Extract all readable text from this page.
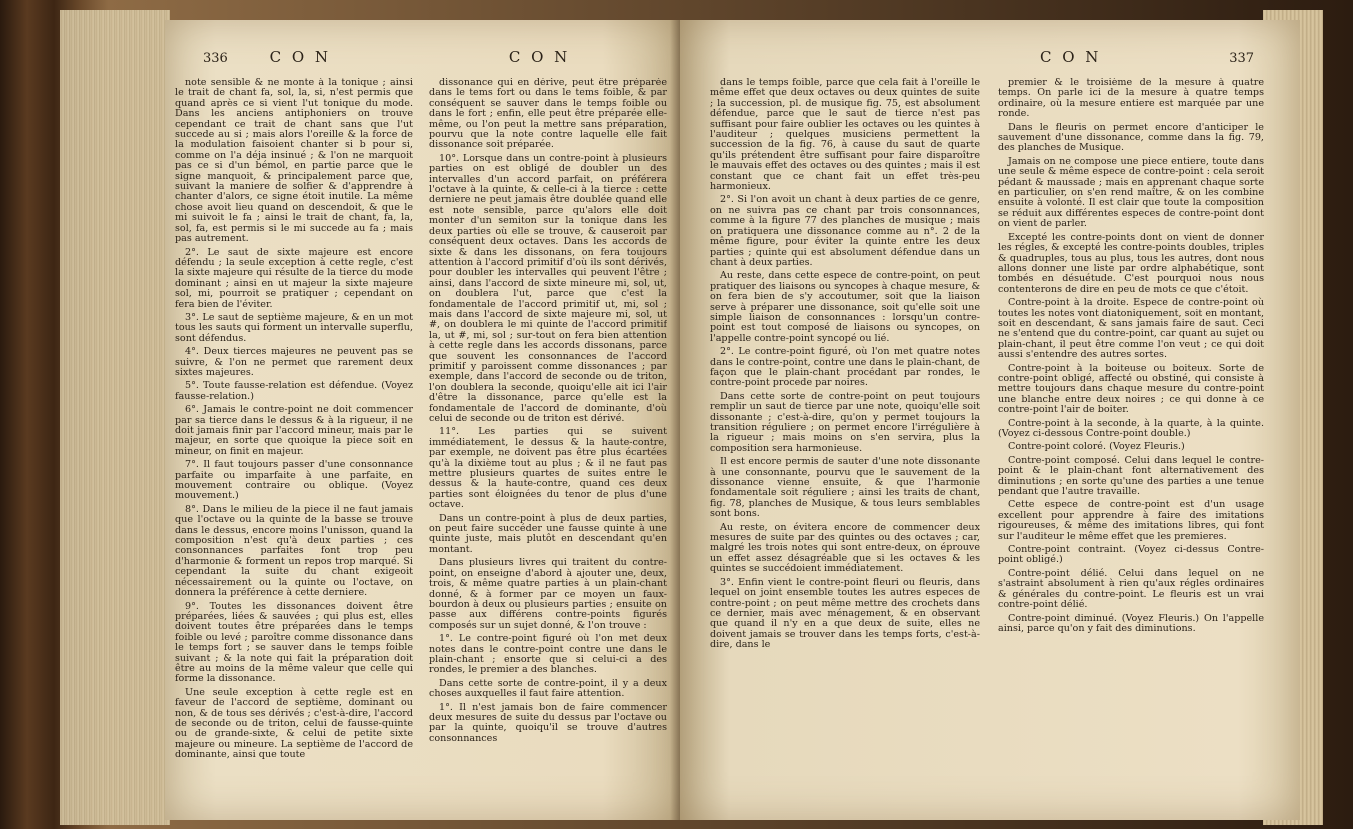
336	C O N	C O N

note sensible & ne monte à la tonique ; ainsi le trait de chant fa, sol, la, si, n'est permis que quand après ce si vient l'ut tonique du mode. Dans les anciens antiphoniers on trouve cependant ce trait de chant sans que l'ut succede au si ; mais alors l'oreille & la force de la modulation faisoient chanter si b pour si, comme on l'a déja insinué ; & l'on ne marquoit pas ce si d'un bémol, en partie parce que le signe manquoit, & principalement parce que, suivant la maniere de solfier & d'apprendre à chanter d'alors, ce signe étoit inutile. La même chose avoit lieu quand on descendoit, & que le mi suivoit le fa ; ainsi le trait de chant, fa, la, sol, fa, est permis si le mi succede au fa ; mais pas autrement.

2°. Le saut de sixte majeure est encore défendu ; la seule exception à cette regle, c'est la sixte majeure qui résulte de la tierce du mode dominant ; ainsi en ut majeur la sixte majeure sol, mi, pourroit se pratiquer ; cependant on fera bien de l'éviter.

3°. Le saut de septième majeure, & en un mot tous les sauts qui forment un intervalle superflu, sont défendus.

4°. Deux tierces majeures ne peuvent pas se suivre, & l'on ne permet que rarement deux sixtes majeures.

5°. Toute fausse-relation est défendue. (Voyez fausse-relation.)

6°. Jamais le contre-point ne doit commencer par sa tierce dans le dessus & à la rigueur, il ne doit jamais finir par l'accord mineur, mais par le majeur, en sorte que quoique la piece soit en mineur, on finit en majeur.

7°. Il faut toujours passer d'une consonnance parfaite ou imparfaite à une parfaite, en mouvement contraire ou oblique. (Voyez mouvement.)

8°. Dans le milieu de la piece il ne faut jamais que l'octave ou la quinte de la basse se trouve dans le dessus, encore moins l'unisson, quand la composition n'est qu'à deux parties ; ces consonnances parfaites font trop peu d'harmonie & forment un repos trop marqué. Si cependant la suite du chant exigeoit nécessairement ou la quinte ou l'octave, on donnera la préférence à cette derniere.

9°. Toutes les dissonances doivent être préparées, liées & sauvées ; qui plus est, elles doivent toutes être préparées dans le temps foible ou levé ; paroître comme dissonance dans le temps fort ; se sauver dans le temps foible suivant ; & la note qui fait la préparation doit être au moins de la même valeur que celle qui forme la dissonance.

Une seule exception à cette regle est en faveur de l'accord de septième, dominant ou non, & de tous ses dérivés ; c'est-à-dire, l'accord de seconde ou de triton, celui de fausse-quinte ou de grande-sixte, & celui de petite sixte majeure ou mineure. La septième de l'accord de dominante, ainsi que toute

dissonance qui en dérive, peut être préparée dans le tems fort ou dans le tems foible, & par conséquent se sauver dans le temps foible ou dans le fort ; enfin, elle peut être préparée elle-même, ou l'on peut la mettre sans préparation, pourvu que la note contre laquelle elle fait dissonance soit préparée.

10°. Lorsque dans un contre-point à plusieurs parties on est obligé de doubler un des intervalles d'un accord parfait, on préférera l'octave à la quinte, & celle-ci à la tierce : cette derniere ne peut jamais être doublée quand elle est note sensible, parce qu'alors elle doit monter d'un semiton sur la tonique dans les deux parties où elle se trouve, & causeroit par conséquent deux octaves. Dans les accords de sixte & dans les dissonans, on fera toujours attention à l'accord primitif d'où ils sont dérivés, pour doubler les intervalles qui peuvent l'être ; ainsi, dans l'accord de sixte mineure mi, sol, ut, on doublera l'ut, parce que c'est la fondamentale de l'accord primitif ut, mi, sol ; mais dans l'accord de sixte majeure mi, sol, ut #, on doublera le mi quinte de l'accord primitif la, ut #, mi, sol ; sur-tout on fera bien attention à cette regle dans les accords dissonans, parce que souvent les consonnances de l'accord primitif y paroissent comme dissonances ; par exemple, dans l'accord de seconde ou de triton, l'on doublera la seconde, quoiqu'elle ait ici l'air d'être la dissonance, parce qu'elle est la fondamentale de l'accord de dominante, d'où celui de seconde ou de triton est dérivé.

11°. Les parties qui se suivent immédiatement, le dessus & la haute-contre, par exemple, ne doivent pas être plus écartées qu'à la dixième tout au plus ; & il ne faut pas mettre plusieurs quartes de suites entre le dessus & la haute-contre, quand ces deux parties sont éloignées du tenor de plus d'une octave.

Dans un contre-point à plus de deux parties, on peut faire succéder une fausse quinte à une quinte juste, mais plutôt en descendant qu'en montant.

Dans plusieurs livres qui traitent du contre-point, on enseigne d'abord à ajouter une, deux, trois, & même quatre parties à un plain-chant donné, & à former par ce moyen un faux-bourdon à deux ou plusieurs parties ; ensuite on passe aux différens contre-points figurés composés sur un sujet donné, & l'on trouve :

1°. Le contre-point figuré où l'on met deux notes dans le contre-point contre une dans le plain-chant ; ensorte que si celui-ci a des rondes, le premier a des blanches.

Dans cette sorte de contre-point, il y a deux choses auxquelles il faut faire attention.

1°. Il n'est jamais bon de faire commencer deux mesures de suite du dessus par l'octave ou par la quinte, quoiqu'il se trouve d'autres consonnances

C O N	337

dans le temps foible, parce que cela fait à l'oreille le même effet que deux octaves ou deux quintes de suite ; la succession, pl. de musique fig. 75, est absolument défendue, parce que le saut de tierce n'est pas suffisant pour faire oublier les octaves ou les quintes à l'auditeur ; quelques musiciens permettent la succession de la fig. 76, à cause du saut de quarte qu'ils prétendent être suffisant pour faire disparoître le mauvais effet des octaves ou des quintes ; mais il est constant que ce chant fait un effet très-peu harmonieux.

2°. Si l'on avoit un chant à deux parties de ce genre, on ne suivra pas ce chant par trois consonnances, comme à la figure 77 des planches de musique ; mais on pratiquera une dissonance comme au n°. 2 de la même figure, pour éviter la quinte entre les deux parties ; quinte qui est absolument défendue dans un chant à deux parties.

Au reste, dans cette espece de contre-point, on peut pratiquer des liaisons ou syncopes à chaque mesure, & on fera bien de s'y accoutumer, soit que la liaison serve à préparer une dissonance, soit qu'elle soit une simple liaison de consonnances : lorsqu'un contre-point est tout composé de liaisons ou syncopes, on l'appelle contre-point syncopé ou lié.

2°. Le contre-point figuré, où l'on met quatre notes dans le contre-point, contre une dans le plain-chant, de façon que le plain-chant procédant par rondes, le contre-point procede par noires.

Dans cette sorte de contre-point on peut toujours remplir un saut de tierce par une note, quoiqu'elle soit dissonante ; c'est-à-dire, qu'on y permet toujours la transition réguliere ; on permet encore l'irrégulière à la rigueur ; mais moins on s'en servira, plus la composition sera harmonieuse.

Il est encore permis de sauter d'une note dissonante à une consonnante, pourvu que le sauvement de la dissonance vienne ensuite, & que l'harmonie fondamentale soit réguliere ; ainsi les traits de chant, fig. 78, planches de Musique, & tous leurs semblables sont bons.

Au reste, on évitera encore de commencer deux mesures de suite par des quintes ou des octaves ; car, malgré les trois notes qui sont entre-deux, on éprouve un effet assez désagréable que si les octaves & les quintes se succédoient immédiatement.

3°. Enfin vient le contre-point fleuri ou fleuris, dans lequel on joint ensemble toutes les autres especes de contre-point ; on peut même mettre des crochets dans ce dernier, mais avec ménagement, & en observant que quand il n'y en a que deux de suite, elles ne doivent jamais se trouver dans les temps forts, c'est-à-dire, dans le

premier & le troisième de la mesure à quatre temps. On parle ici de la mesure à quatre temps ordinaire, où la mesure entiere est marquée par une ronde.

Dans le fleuris on permet encore d'anticiper le sauvement d'une dissonance, comme dans la fig. 79, des planches de Musique.

Jamais on ne compose une piece entiere, toute dans une seule & même espece de contre-point : cela seroit pédant & maussade ; mais en apprenant chaque sorte en particulier, on s'en rend maître, & on les combine ensuite à volonté. Il est clair que toute la composition se réduit aux différentes especes de contre-point dont on vient de parler.

Excepté les contre-points dont on vient de donner les régles, & excepté les contre-points doubles, triples & quadruples, tous au plus, tous les autres, dont nous allons donner une liste par ordre alphabétique, sont tombés en désuétude. C'est pourquoi nous nous contenterons de dire en peu de mots ce que c'étoit.

Contre-point à la droite. Espece de contre-point où toutes les notes vont diatoniquement, soit en montant, soit en descendant, & sans jamais faire de saut. Ceci ne s'entend que du contre-point, car quant au sujet ou plain-chant, il peut être comme l'on veut ; ce qui doit aussi s'entendre des autres sortes.

Contre-point à la boiteuse ou boiteux. Sorte de contre-point obligé, affecté ou obstiné, qui consiste à mettre toujours dans chaque mesure du contre-point une blanche entre deux noires ; ce qui donne à ce contre-point l'air de boiter.

Contre-point à la seconde, à la quarte, à la quinte. (Voyez ci-dessous Contre-point double.)

Contre-point coloré. (Voyez Fleuris.)

Contre-point composé. Celui dans lequel le contre-point & le plain-chant font alternativement des diminutions ; en sorte qu'une des parties a une tenue pendant que l'autre travaille.

Cette espece de contre-point est d'un usage excellent pour apprendre à faire des imitations rigoureuses, & même des imitations libres, qui font sur l'auditeur le même effet que les premieres.

Contre-point contraint. (Voyez ci-dessus Contre-point obligé.)

Contre-point délié. Celui dans lequel on ne s'astraint absolument à rien qu'aux régles ordinaires & générales du contre-point. Le fleuris est un vrai contre-point délié.

Contre-point diminué. (Voyez Fleuris.) On l'appelle ainsi, parce qu'on y fait des diminutions.
